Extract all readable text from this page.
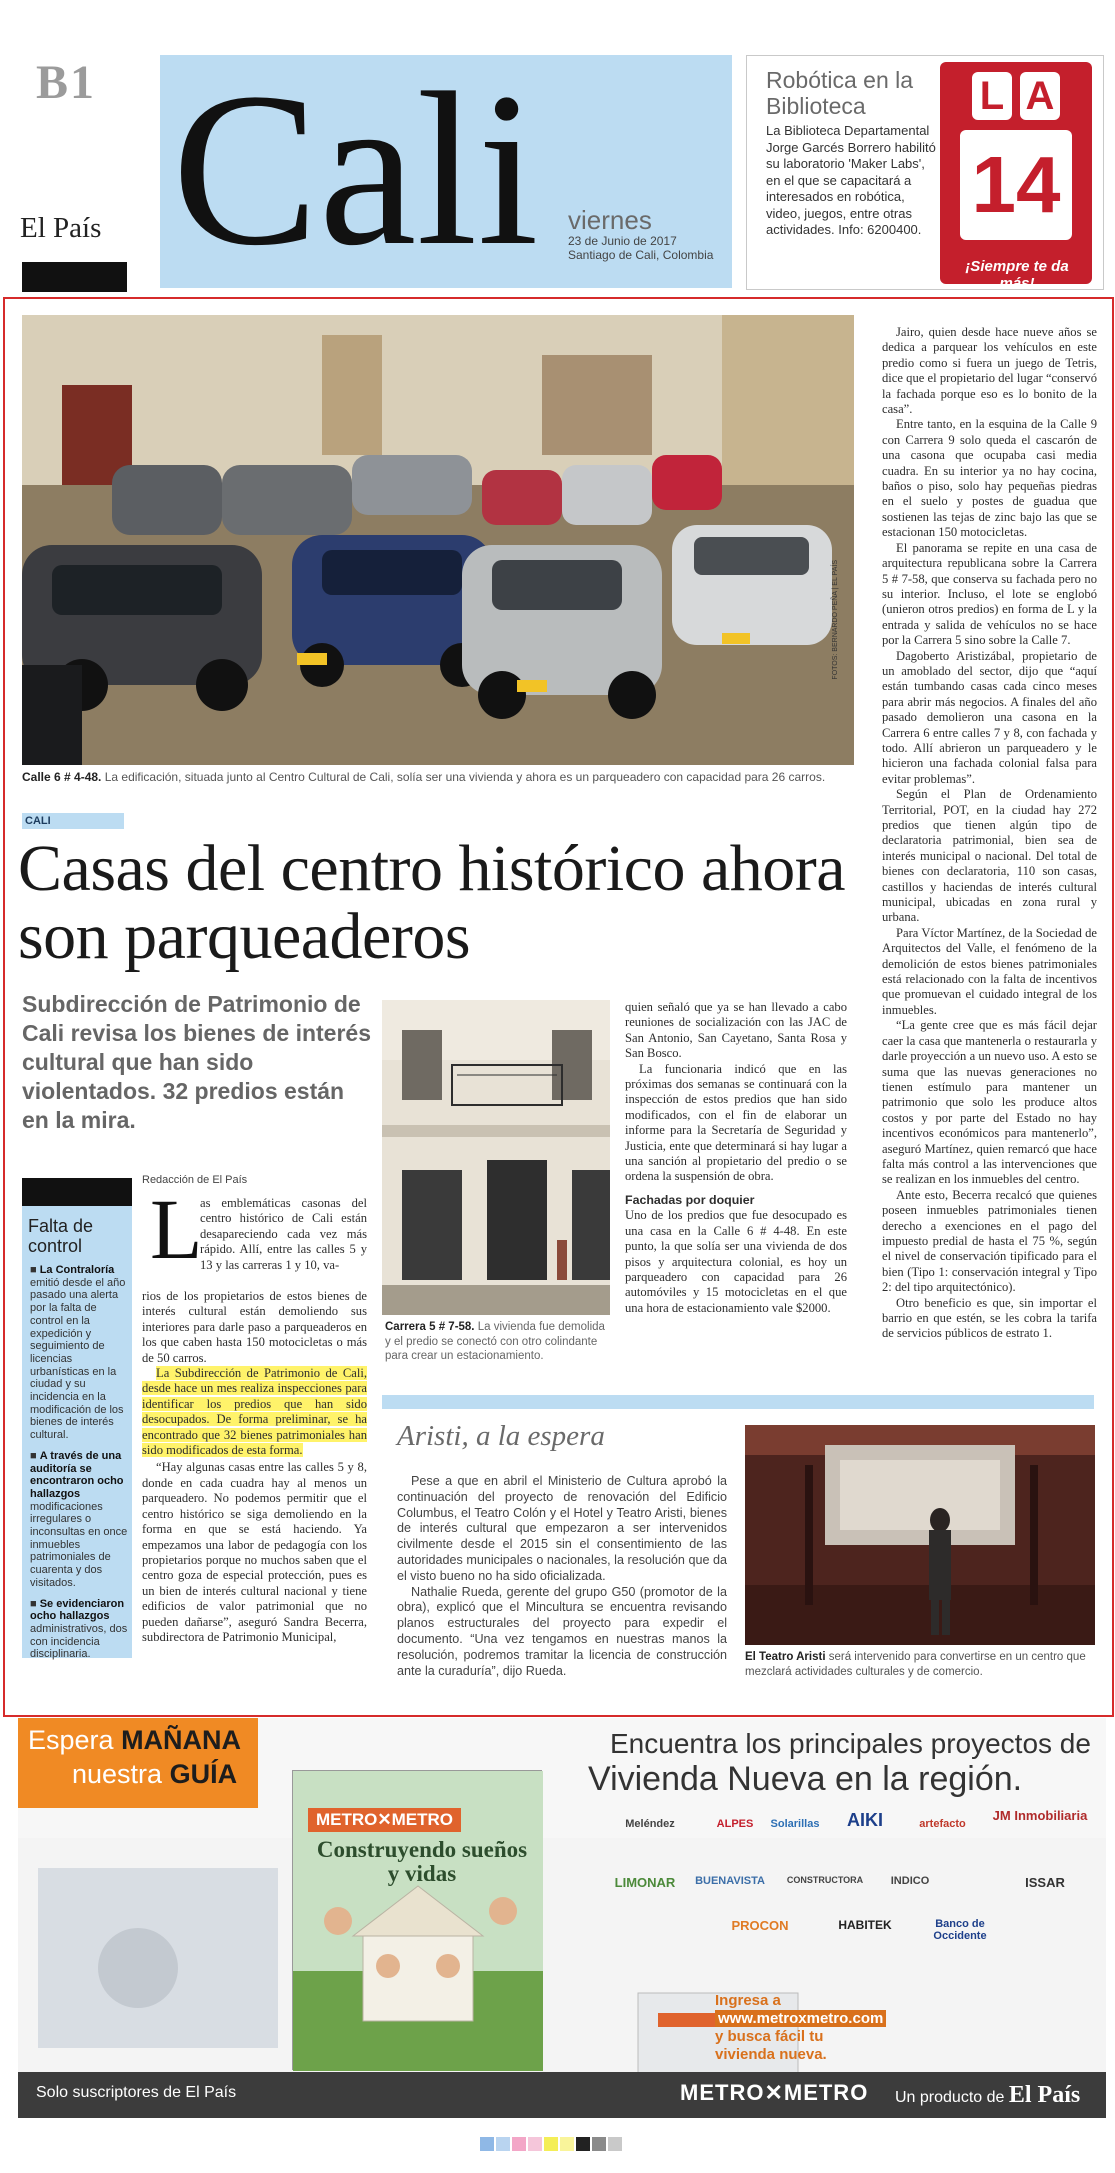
B1
El País Cali viernes
23 de Junio de 2017
Santiago de Cali, Colombia
Robótica en la Biblioteca
La Biblioteca Departamental Jorge Garcés Borrero habilitó su laboratorio 'Maker Labs', en el que se capacitará a interesados en robótica, video, juegos, entre otras actividades. Info: 6200400.
L A
14
¡Siempre te da más!
FOTOS: BERNARDO PEÑA | EL PAÍS
Calle 6 # 4-48. La edificación, situada junto al Centro Cultural de Cali, solía ser una vivienda y ahora es un parqueadero con capacidad para 26 carros.
CALI
Casas del centro histórico ahora son parqueaderos
Subdirección de Patrimonio de Cali revisa los bienes de interés cultural que han sido violentados. 32 predios están en la mira.
Redacción de El País
Falta de control
■ La Contraloría emitió desde el año pasado una alerta por la falta de control en la expedición y seguimiento de licencias urbanísticas en la ciudad y su incidencia en la modificación de los bienes de interés cultural.
■ A través de una auditoría se encontraron ocho hallazgos modificaciones irregulares o inconsultas en once inmuebles patrimoniales de cuarenta y dos visitados.
■ Se evidenciaron ocho hallazgos administrativos, dos con incidencia disciplinaria.
L

as emblemáticas casonas del centro histórico de Cali están desapareciendo cada vez más rápido. Allí, entre las calles 5 y 13 y las carreras 1 y 10, va-

rios de los propietarios de estos bienes de interés cultural están demoliendo sus interiores para darle paso a parqueaderos en los que caben hasta 150 motocicletas o más de 50 carros.

La Subdirección de Patrimonio de Cali, desde hace un mes realiza inspecciones para identificar los predios que han sido desocupados. De forma preliminar, se ha encontrado que 32 bienes patrimoniales han sido modificados de esta forma.

“Hay algunas casas entre las calles 5 y 8, donde en cada cuadra hay al menos un parqueadero. No podemos permitir que el centro histórico se siga demoliendo en la forma en que se está haciendo. Ya empezamos una labor de pedagogía con los propietarios porque no muchos saben que el centro goza de especial protección, pues es un bien de interés cultural nacional y tiene edificios de valor patrimonial que no pueden dañarse”, aseguró Sandra Becerra, subdirectora de Patrimonio Municipal,

Carrera 5 # 7-58. La vivienda fue demolida y el predio se conectó con otro colindante para crear un estacionamiento.

quien señaló que ya se han llevado a cabo reuniones de socialización con las JAC de San Antonio, San Cayetano, Santa Rosa y San Bosco.

La funcionaria indicó que en las próximas dos semanas se continuará con la inspección de estos predios que han sido modificados, con el fin de elaborar un informe para la Secretaría de Seguridad y Justicia, ente que determinará si hay lugar a una sanción al propietario del predio o se ordena la suspensión de obra.

Fachadas por doquier

Uno de los predios que fue desocupado es una casa en la Calle 6 # 4-48. En este punto, la que solía ser una vivienda de dos pisos y arquitectura colonial, es hoy un parqueadero con capacidad para 26 automóviles y 15 motocicletas en el que una hora de estacionamiento vale $2000.

Jairo, quien desde hace nueve años se dedica a parquear los vehículos en este predio como si fuera un juego de Tetris, dice que el propietario del lugar “conservó la fachada porque eso es lo bonito de la casa”.

Entre tanto, en la esquina de la Calle 9 con Carrera 9 solo queda el cascarón de una casona que ocupaba casi media cuadra. En su interior ya no hay cocina, baños o piso, solo hay pequeñas piedras en el suelo y postes de guadua que sostienen las tejas de zinc bajo las que se estacionan 150 motocicletas.

El panorama se repite en una casa de arquitectura republicana sobre la Carrera 5 # 7-58, que conserva su fachada pero no su interior. Incluso, el lote se englobó (unieron otros predios) en forma de L y la entrada y salida de vehículos no se hace por la Carrera 5 sino sobre la Calle 7.

Dagoberto Aristizábal, propietario de un amoblado del sector, dijo que “aquí están tumbando casas cada cinco meses para abrir más negocios. A finales del año pasado demolieron una casona en la Carrera 6 entre calles 7 y 8, con fachada y todo. Allí abrieron un parqueadero y le hicieron una fachada colonial falsa para evitar problemas”.

Según el Plan de Ordenamiento Territorial, POT, en la ciudad hay 272 predios que tienen algún tipo de declaratoria patrimonial, bien sea de interés municipal o nacional. Del total de bienes con declaratoria, 110 son casas, castillos y haciendas de interés cultural municipal, ubicadas en zona rural y urbana.

Para Víctor Martínez, de la Sociedad de Arquitectos del Valle, el fenómeno de la demolición de estos bienes patrimoniales está relacionado con la falta de incentivos que promuevan el cuidado integral de los inmuebles.

“La gente cree que es más fácil dejar caer la casa que mantenerla o restaurarla y darle proyección a un nuevo uso. A esto se suma que las nuevas generaciones no tienen estímulo para mantener un patrimonio que solo les produce altos costos y por parte del Estado no hay incentivos económicos para mantenerlo”, aseguró Martínez, quien remarcó que hace falta más control a las intervenciones que se realizan en los inmuebles del centro.

Ante esto, Becerra recalcó que quienes poseen inmuebles patrimoniales tienen derecho a exenciones en el pago del impuesto predial de hasta el 75 %, según el nivel de conservación tipificado para el bien (Tipo 1: conservación integral y Tipo 2: del tipo arquitectónico).

Otro beneficio es que, sin importar el barrio en que estén, se les cobra la tarifa de servicios públicos de estrato 1.

Aristi, a la espera

Pese a que en abril el Ministerio de Cultura aprobó la continuación del proyecto de renovación del Edificio Columbus, el Teatro Colón y el Hotel y Teatro Aristi, bienes de interés cultural que empezaron a ser intervenidos civilmente desde el 2015 sin el consentimiento de las autoridades municipales o nacionales, la resolución que da el visto bueno no ha sido oficializada.

Nathalie Rueda, gerente del grupo G50 (promotor de la obra), explicó que el Mincultura se encuentra revisando planos estructurales del proyecto para expedir el documento. “Una vez tengamos en nuestras manos la resolución, podremos tramitar la licencia de construcción ante la curaduría”, dijo Rueda.

El Teatro Aristi será intervenido para convertirse en un centro que mezclará actividades culturales y de comercio.
Espera MAÑANA
nuestra GUÍA
Encuentra los principales proyectos de
Vivienda Nueva en la región.
METRO✕METRO
Construyendo sueños y vidas
Meléndez	ALPES	Solarillas	AIKI	artefacto
JM Inmobiliaria
LIMONAR	BUENAVISTA	CONSTRUCTORA	INDICO	ISSAR
PROCON	HABITEK	Banco de Occidente
Ingresa a
www.metroxmetro.com
y busca fácil tu
vivienda nueva.
Solo suscriptores de El País	METRO✕METRO Un producto de El País
